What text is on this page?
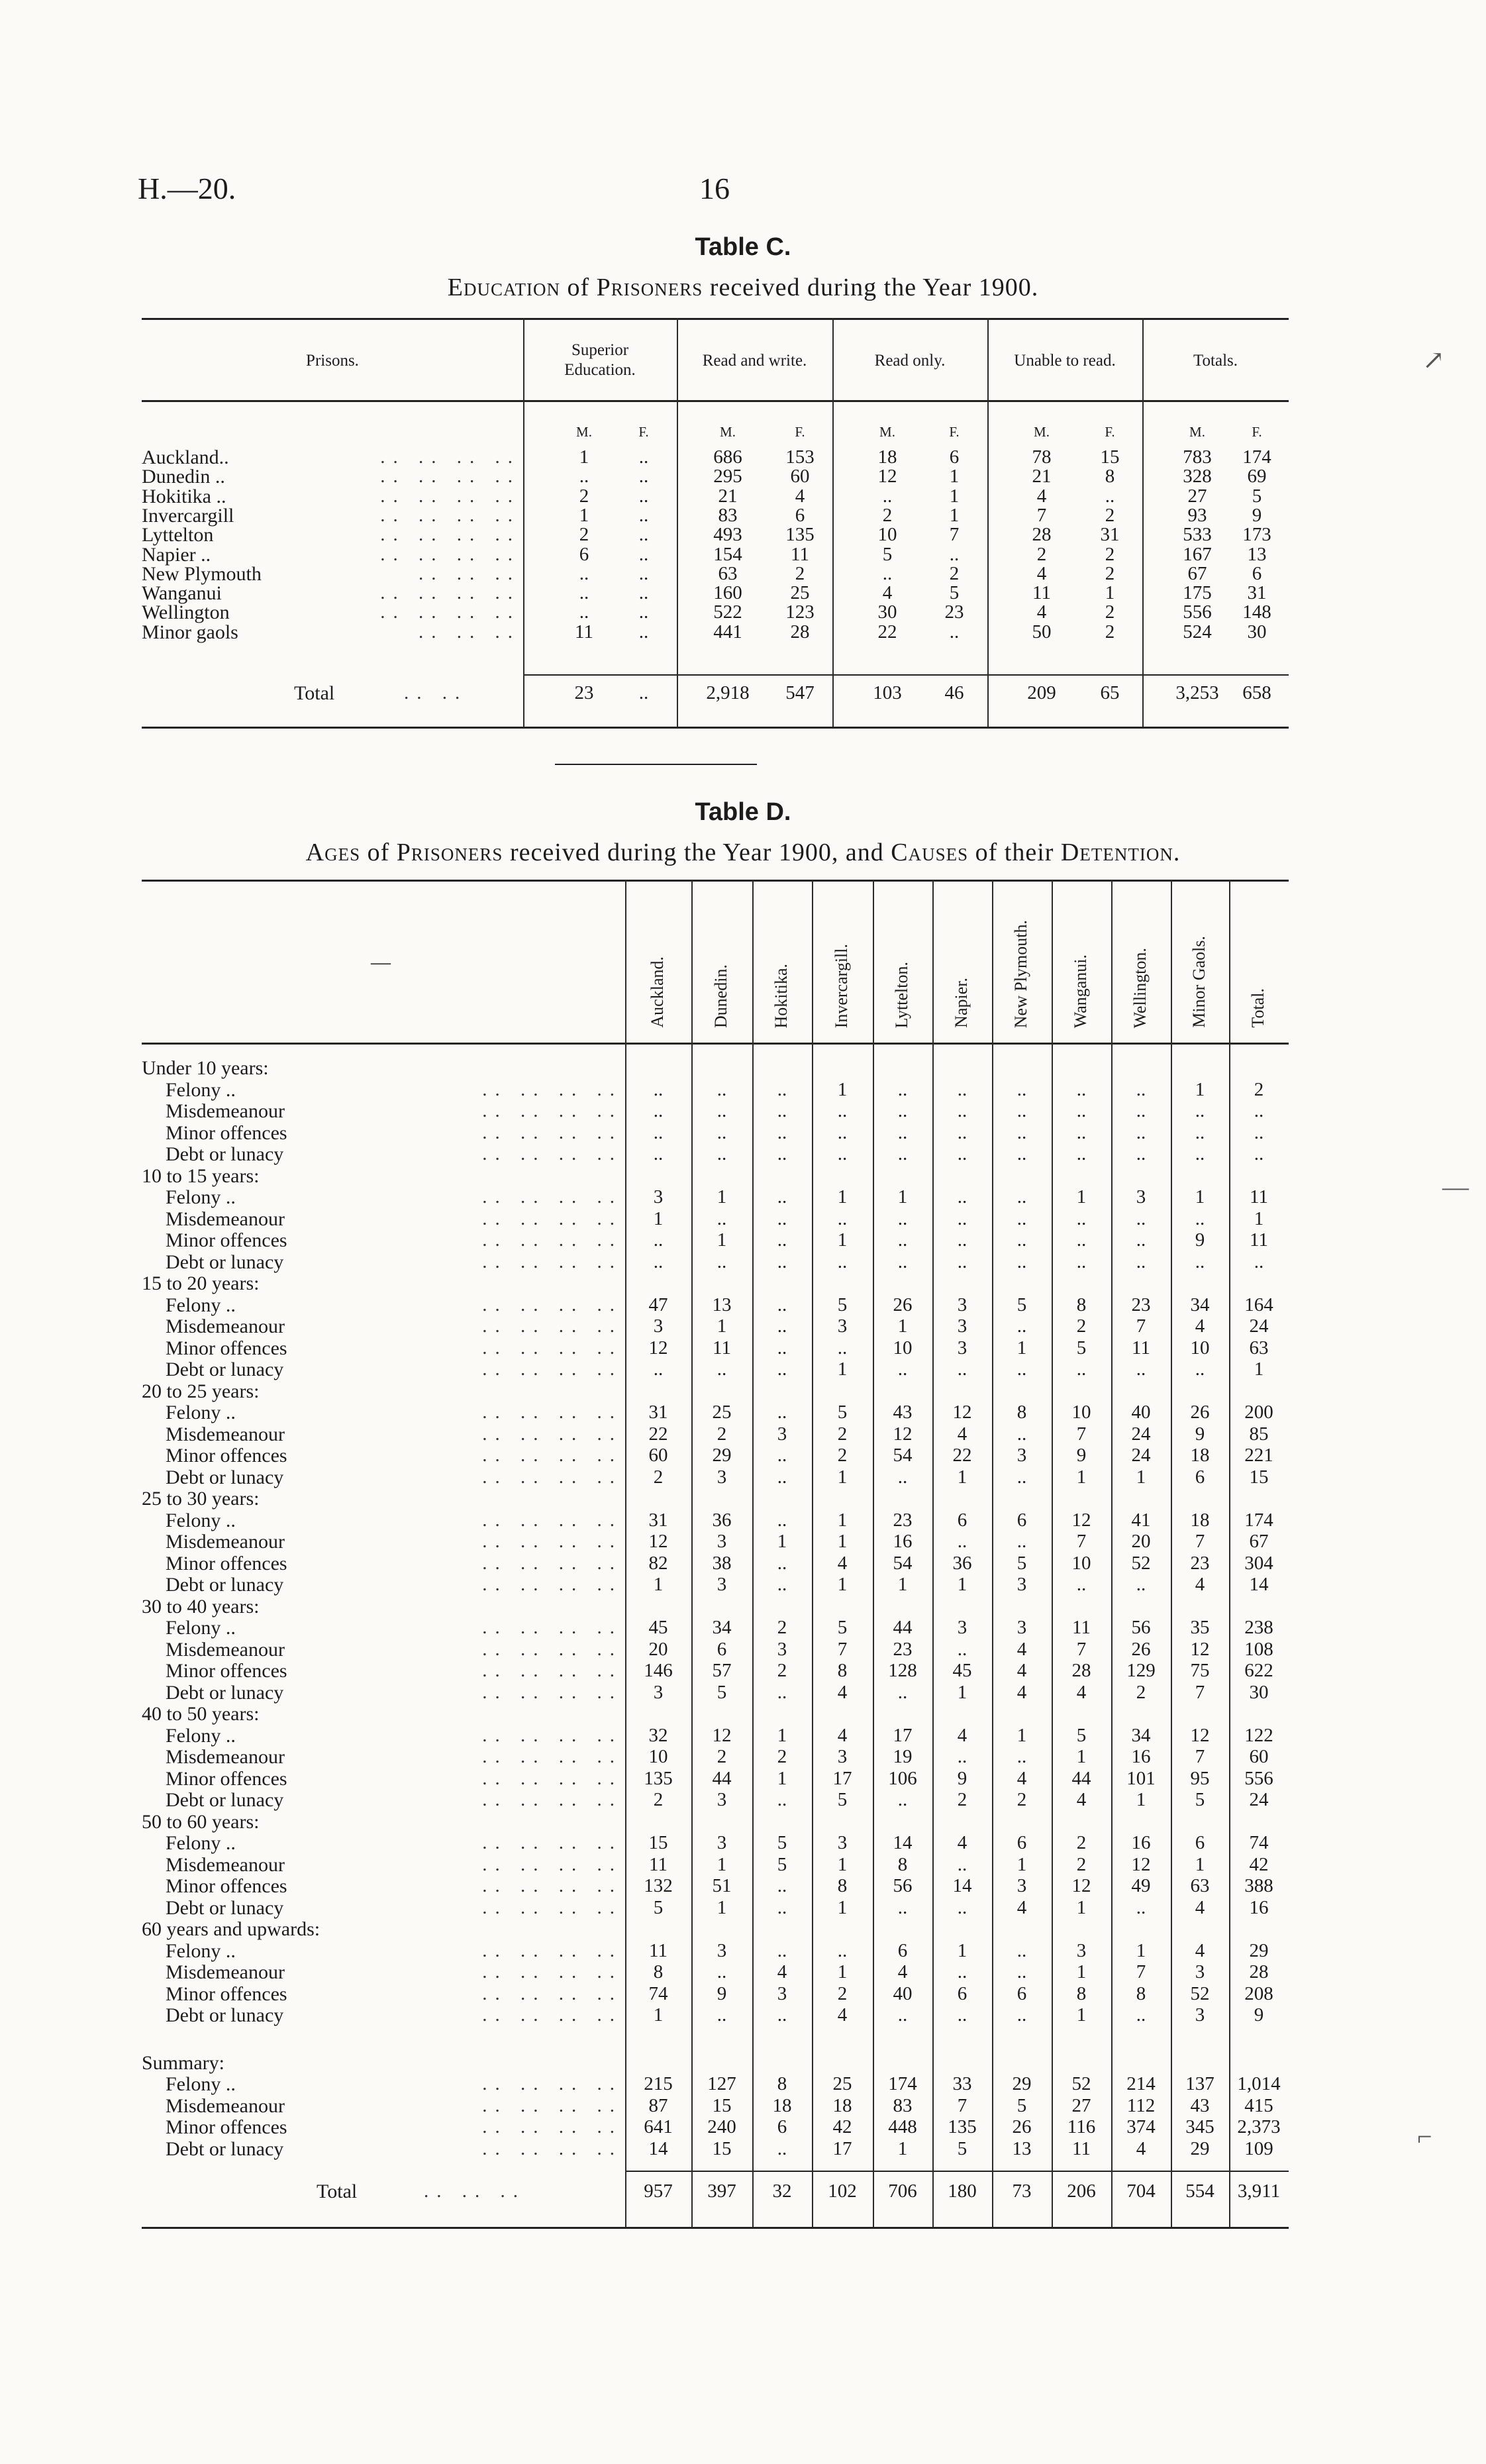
H.—20.	16
Table C.
Education of Prisoners received during the Year 1900.
Prisons.
Superior Education.
Read and write.	Read only.	Unable to read.	Totals.
M.	F.	M.	F.	M.	F.	M.	F.	M.	F.
Auckland..	.. .. .. ..	1	..	686	153	18	6	78	15	783	174
Dunedin ..	.. .. .. ..	..	..	295	60	12	1	21	8	328	69
Hokitika ..	.. .. .. ..	2	..	21	4	..	1	4	..	27	5
Invercargill	.. .. .. ..	1	..	83	6	2	1	7	2	93	9
Lyttelton	.. .. .. ..	2	..	493	135	10	7	28	31	533	173
Napier ..	.. .. .. ..	6	..	154	11	5	..	2	2	167	13
New Plymouth	.. .. ..	..	..	63	2	..	2	4	2	67	6
Wanganui	.. .. .. ..	..	..	160	25	4	5	11	1	175	31
Wellington	.. .. .. ..	..	..	522	123	30	23	4	2	556	148
Minor gaols	.. .. ..	11	..	441	28	22	..	50	2	524	30
Total	.. ..	23	..	2,918	547	103	46	209	65	3,253	658
Table D.
Ages of Prisoners received during the Year 1900, and Causes of their Detention.
—	Auckland.	Dunedin. Hokitika. Invercargill. Lyttelton. Napier. New Plymouth. Wanganui. Wellington. Minor Gaols. Total.
Under 10 years:
Felony ..	.. .. .. ..	..	..	..	1	..	..	..	..	..	1	2
Misdemeanour	.. .. .. ..	..	..	..	..	..	..	..	..	..	..	..
Minor offences	.. .. .. ..	..	..	..	..	..	..	..	..	..	..	..
Debt or lunacy	.. .. .. ..	..	..	..	..	..	..	..	..	..	..	..
10 to 15 years:
Felony ..	.. .. .. ..	3	1	..	1	1	..	..	1	3	1	11
Misdemeanour	.. .. .. ..	1	..	..	..	..	..	..	..	..	..	1
Minor offences	.. .. .. ..	..	1	..	1	..	..	..	..	..	9	11
Debt or lunacy	.. .. .. ..	..	..	..	..	..	..	..	..	..	..	..
15 to 20 years:
Felony ..	.. .. .. ..	47	13	..	5	26	3	5	8	23	34	164
Misdemeanour	.. .. .. ..	3	1	..	3	1	3	..	2	7	4	24
Minor offences	.. .. .. ..	12	11	..	..	10	3	1	5	11	10	63
Debt or lunacy	.. .. .. ..	..	..	..	1	..	..	..	..	..	..	1
20 to 25 years:
Felony ..	.. .. .. ..	31	25	..	5	43	12	8	10	40	26	200
Misdemeanour	.. .. .. ..	22	2	3	2	12	4	..	7	24	9	85
Minor offences	.. .. .. ..	60	29	..	2	54	22	3	9	24	18	221
Debt or lunacy	.. .. .. ..	2	3	..	1	..	1	..	1	1	6	15
25 to 30 years:
Felony ..	.. .. .. ..	31	36	..	1	23	6	6	12	41	18	174
Misdemeanour	.. .. .. ..	12	3	1	1	16	..	..	7	20	7	67
Minor offences	.. .. .. ..	82	38	..	4	54	36	5	10	52	23	304
Debt or lunacy	.. .. .. ..	1	3	..	1	1	1	3	..	..	4	14
30 to 40 years:
Felony ..	.. .. .. ..	45	34	2	5	44	3	3	11	56	35	238
Misdemeanour	.. .. .. ..	20	6	3	7	23	..	4	7	26	12	108
Minor offences	.. .. .. ..	146	57	2	8	128	45	4	28	129	75	622
Debt or lunacy	.. .. .. ..	3	5	..	4	..	1	4	4	2	7	30
40 to 50 years:
Felony ..	.. .. .. ..	32	12	1	4	17	4	1	5	34	12	122
Misdemeanour	.. .. .. ..	10	2	2	3	19	..	..	1	16	7	60
Minor offences	.. .. .. ..	135	44	1	17	106	9	4	44	101	95	556
Debt or lunacy	.. .. .. ..	2	3	..	5	..	2	2	4	1	5	24
50 to 60 years:
Felony ..	.. .. .. ..	15	3	5	3	14	4	6	2	16	6	74
Misdemeanour	.. .. .. ..	11	1	5	1	8	..	1	2	12	1	42
Minor offences	.. .. .. ..	132	51	..	8	56	14	3	12	49	63	388
Debt or lunacy	.. .. .. ..	5	1	..	1	..	..	4	1	..	4	16
60 years and upwards:
Felony ..	.. .. .. ..	11	3	..	..	6	1	..	3	1	4	29
Misdemeanour	.. .. .. ..	8	..	4	1	4	..	..	1	7	3	28
Minor offences	.. .. .. ..	74	9	3	2	40	6	6	8	8	52	208
Debt or lunacy	.. .. .. ..	1	..	..	4	..	..	..	1	..	3	9
Summary:
Felony ..	.. .. .. ..	215	127	8	25	174	33	29	52	214	137	1,014
Misdemeanour	.. .. .. ..	87	15	18	18	83	7	5	27	112	43	415
Minor offences	.. .. .. ..	641	240	6	42	448	135	26	116	374	345	2,373
Debt or lunacy	.. .. .. ..	14	15	..	17	1	5	13	11	4	29	109
Total	.. .. ..	957	397	32	102	706	180	73	206	704	554	3,911
↗
—
⌐
